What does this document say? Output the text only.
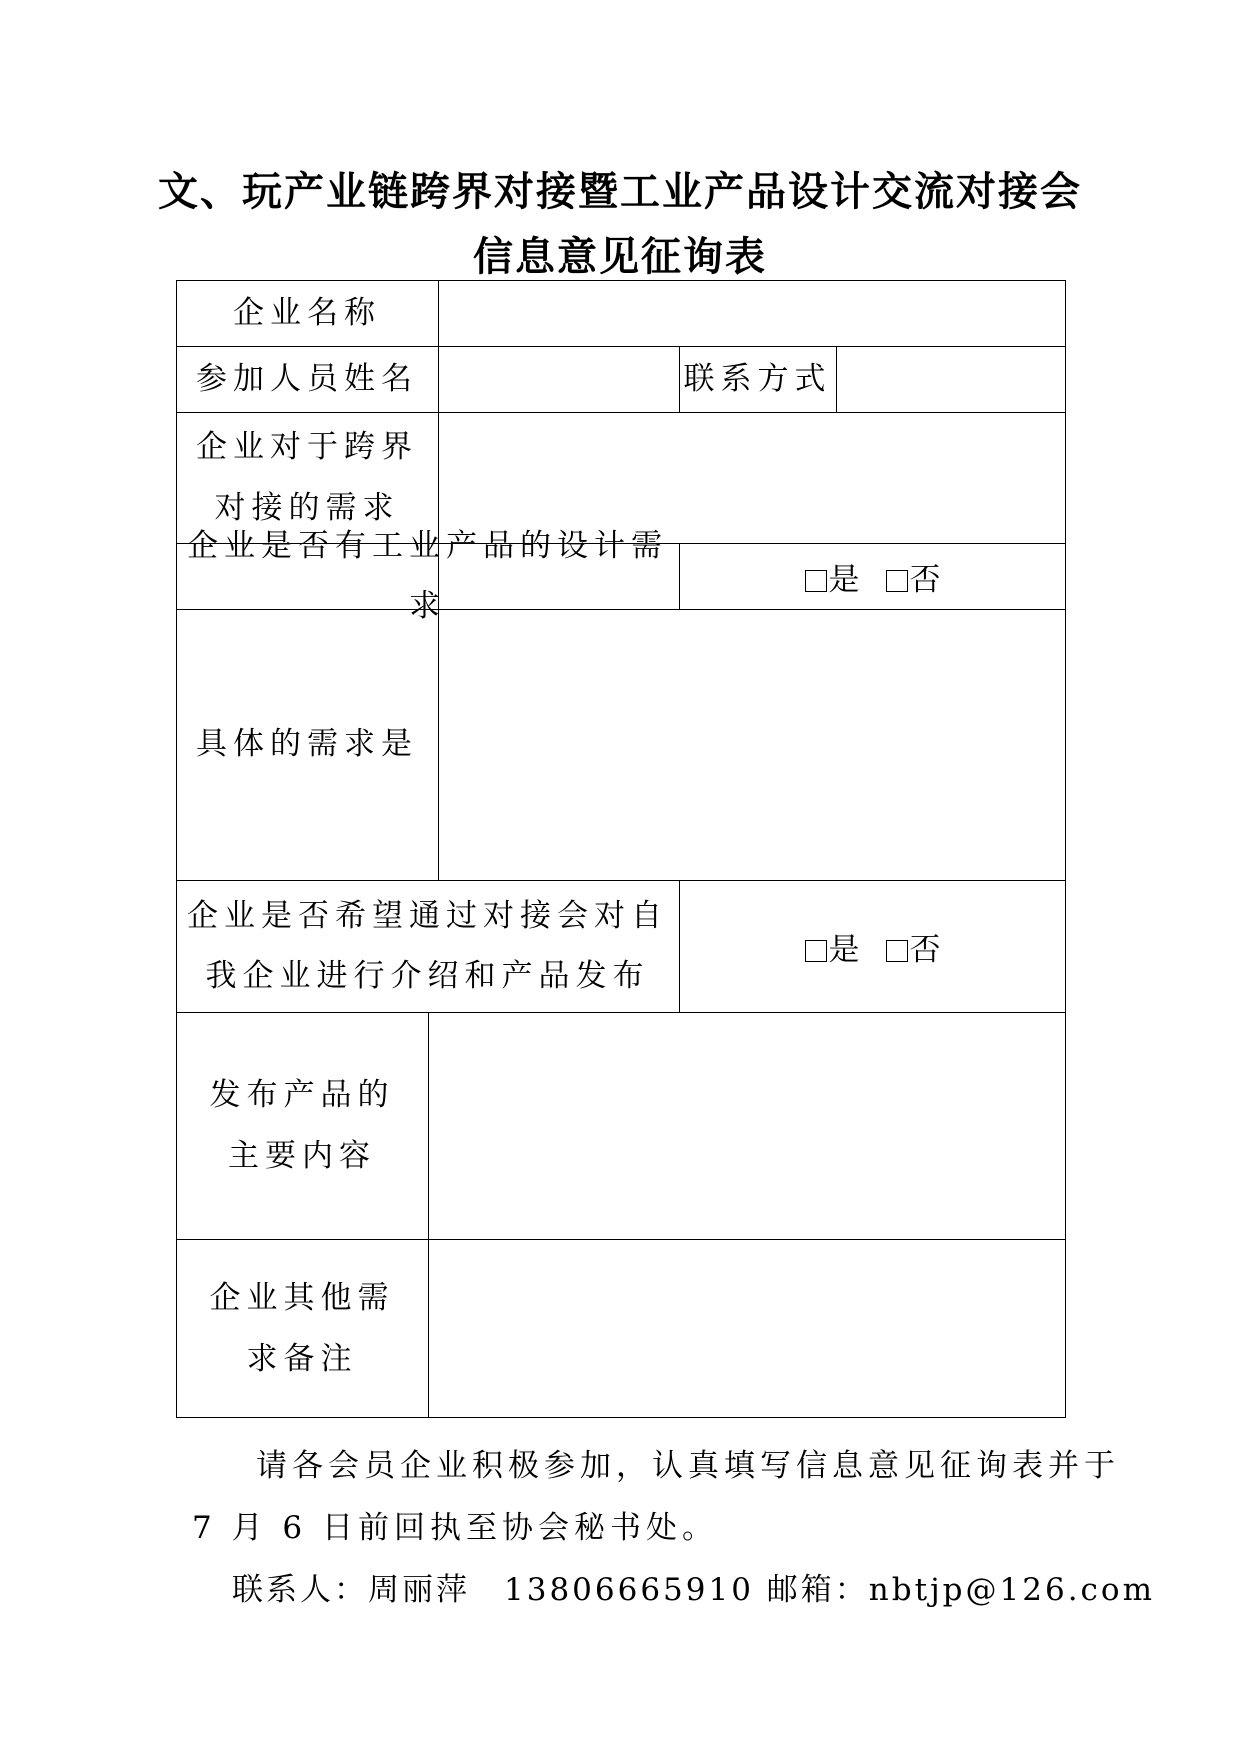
文、玩产业链跨界对接暨工业产品设计交流对接会
信息意见征询表
企业名称
参加人员姓名	联系方式
企业对于跨界对接的需求
企业是否有工业产品的设计需求
是	否
具体的需求是
企业是否希望通过对接会对自我企业进行介绍和产品发布
是	否
发布产品的主要内容
企业其他需求备注
请各会员企业积极参加，认真填写信息意见征询表并于
7 月 6 日前回执至协会秘书处。
联系人：周丽萍　13806665910 邮箱：nbtjp@126.com
